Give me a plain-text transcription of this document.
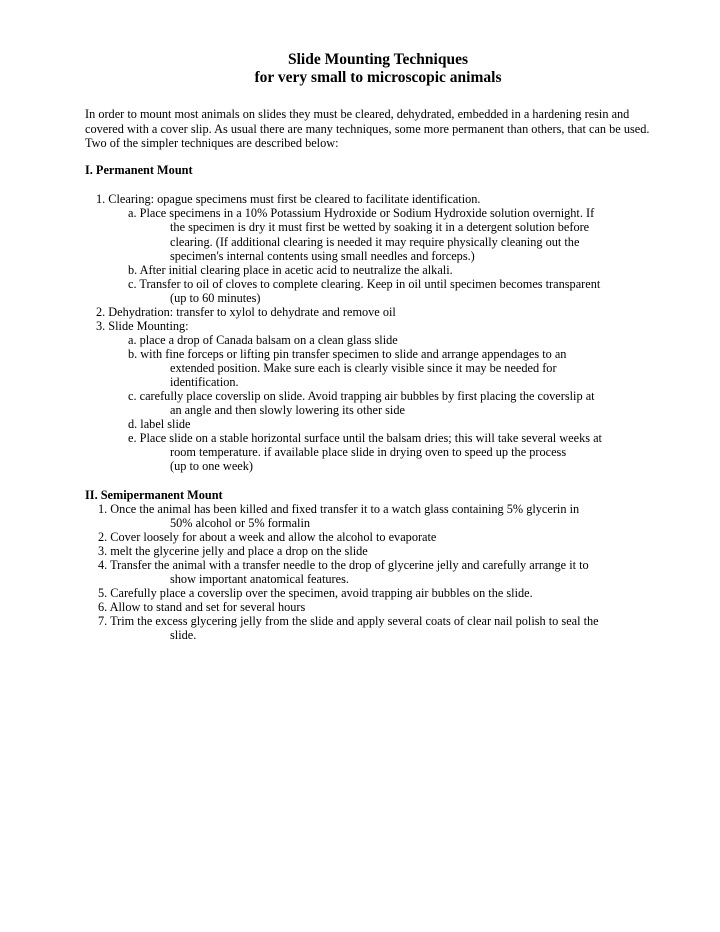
Slide Mounting Techniques
for very small to microscopic animals
In order to mount most animals on slides they must be cleared, dehydrated, embedded in a hardening resin and covered with a cover slip. As usual there are many techniques, some more permanent than others, that can be used. Two of the simpler techniques are described below:
I. Permanent Mount
1. Clearing: opague specimens must first be cleared to facilitate identification.
a. Place specimens in a 10% Potassium Hydroxide or Sodium Hydroxide solution overnight. If
the specimen is dry it must first be wetted by soaking it in a detergent solution before
clearing. (If additional clearing is needed it may require physically cleaning out the
specimen's internal contents using small needles and forceps.)
b. After initial clearing place in acetic acid to neutralize the alkali.
c. Transfer to oil of cloves to complete clearing. Keep in oil until specimen becomes transparent
(up to 60 minutes)
2. Dehydration: transfer to xylol to dehydrate and remove oil
3. Slide Mounting:
a. place a drop of Canada balsam on a clean glass slide
b. with fine forceps or lifting pin transfer specimen to slide and arrange appendages to an
extended position. Make sure each is clearly visible since it may be needed for
identification.
c. carefully place coverslip on slide. Avoid trapping air bubbles by first placing the coverslip at
an angle and then slowly lowering its other side
d. label slide
e. Place slide on a stable horizontal surface until the balsam dries; this will take several weeks at
room temperature. if available place slide in drying oven to speed up the process
(up to one week)
II. Semipermanent Mount
1. Once the animal has been killed and fixed transfer it to a watch glass containing 5% glycerin in
50% alcohol or 5% formalin
2. Cover loosely for about a week and allow the alcohol to evaporate
3. melt the glycerine jelly and place a drop on the slide
4. Transfer the animal with a transfer needle to the drop of glycerine jelly and carefully arrange it to
show important anatomical features.
5. Carefully place a coverslip over the specimen, avoid trapping air bubbles on the slide.
6. Allow to stand and set for several hours
7. Trim the excess glycering jelly from the slide and apply several coats of clear nail polish to seal the
slide.
